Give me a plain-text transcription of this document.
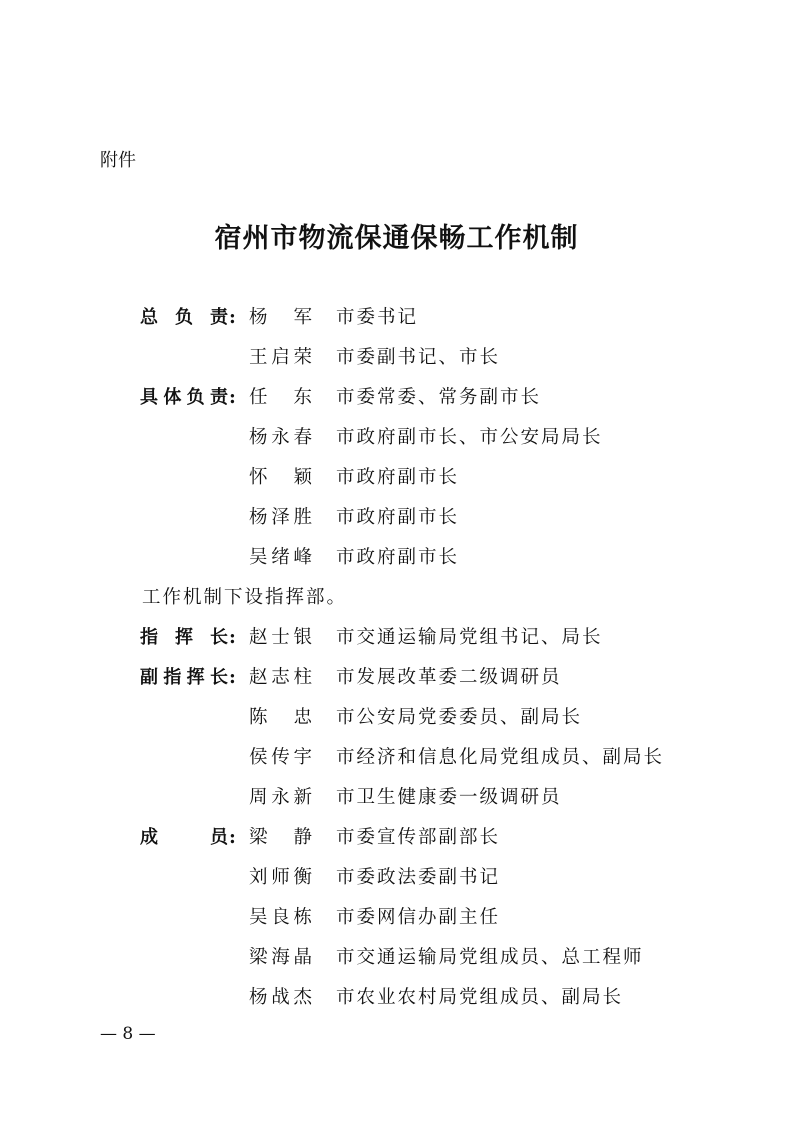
附件
宿州市物流保通保畅工作机制
总负责 : 杨 军 市委书记
王启荣 市委副书记、市长
具体负责 : 任 东 市委常委、常务副市长
杨永春 市政府副市长、市公安局局长
怀 颖 市政府副市长
杨泽胜 市政府副市长
吴绪峰 市政府副市长
工作机制下设指挥部。
指挥长 : 赵士银 市交通运输局党组书记、局长
副指挥长 : 赵志柱 市发展改革委二级调研员
陈 忠 市公安局党委委员、副局长
侯传宇 市经济和信息化局党组成员、副局长
周永新 市卫生健康委一级调研员
成员 : 梁 静 市委宣传部副部长
刘师衡 市委政法委副书记
吴良栋 市委网信办副主任
梁海晶 市交通运输局党组成员、总工程师
杨战杰 市农业农村局党组成员、副局长
— 8 —
